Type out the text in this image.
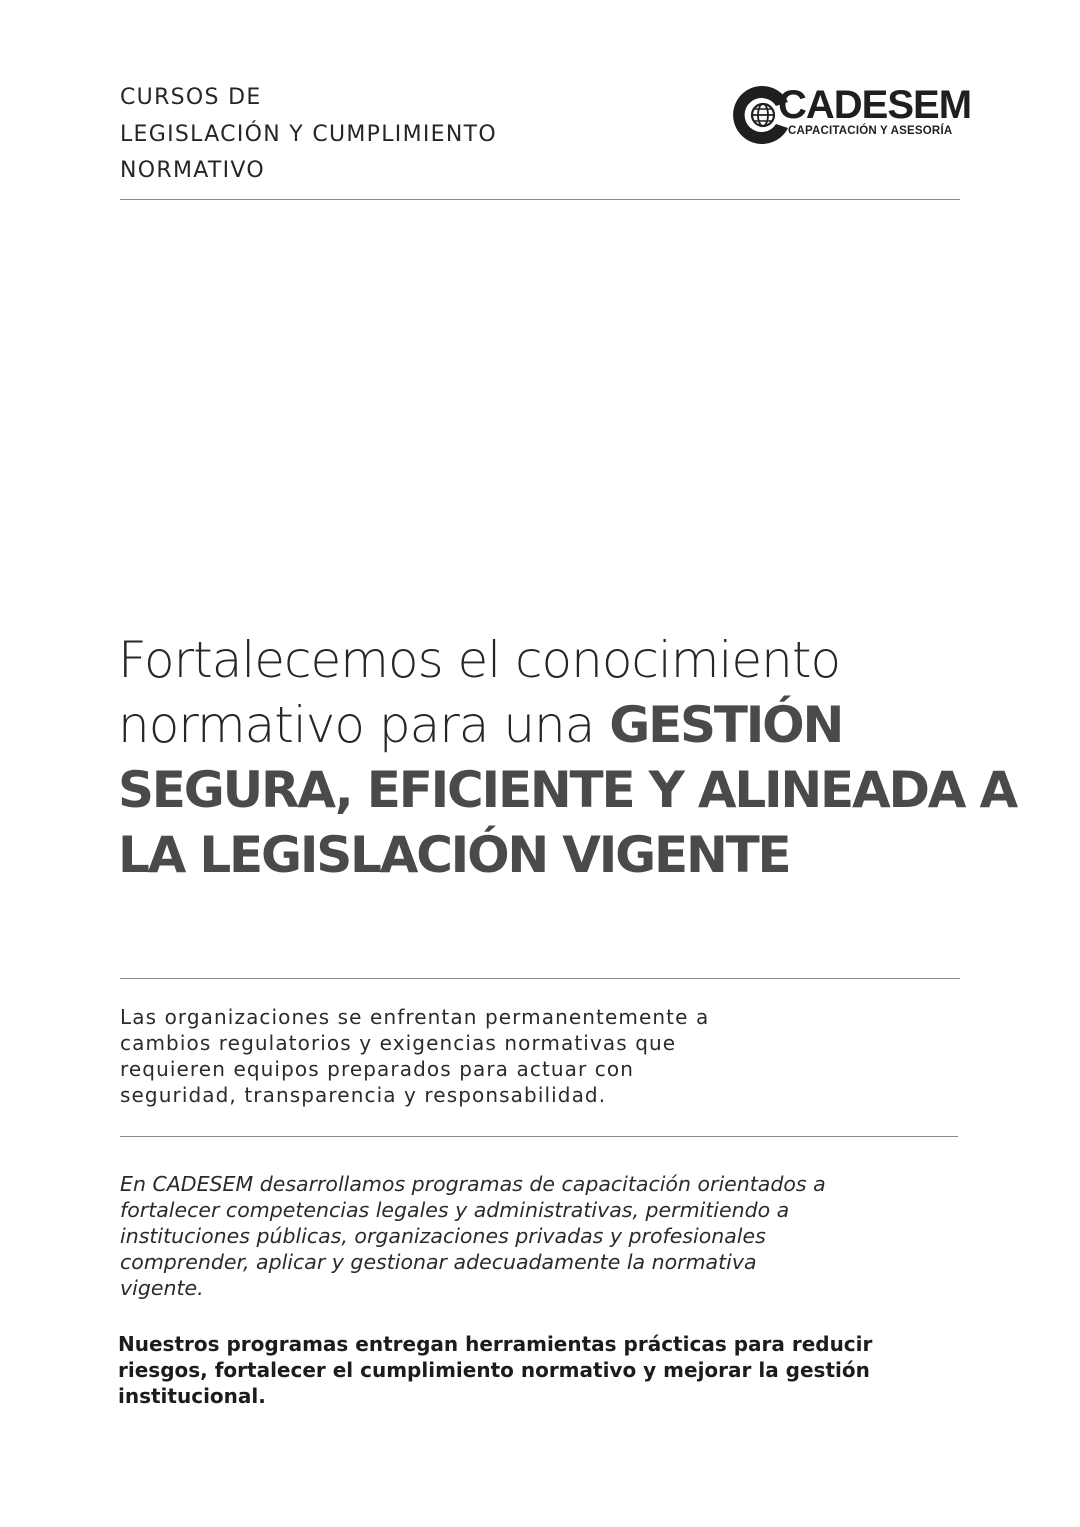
CURSOS DE
LEGISLACIÓN Y CUMPLIMIENTO
NORMATIVO
CADESEM
CAPACITACIÓN Y ASESORÍA
Fortalecemos el conocimiento
normativo para una GESTIÓN
SEGURA, EFICIENTE Y ALINEADA A
LA LEGISLACIÓN VIGENTE

Las organizaciones se enfrentan permanentemente a
cambios regulatorios y exigencias normativas que
requieren equipos preparados para actuar con
seguridad, transparencia y responsabilidad.

En CADESEM desarrollamos programas de capacitación orientados a
fortalecer competencias legales y administrativas, permitiendo a
instituciones públicas, organizaciones privadas y profesionales
comprender, aplicar y gestionar adecuadamente la normativa
vigente.

Nuestros programas entregan herramientas prácticas para reducir
riesgos, fortalecer el cumplimiento normativo y mejorar la gestión
institucional.
